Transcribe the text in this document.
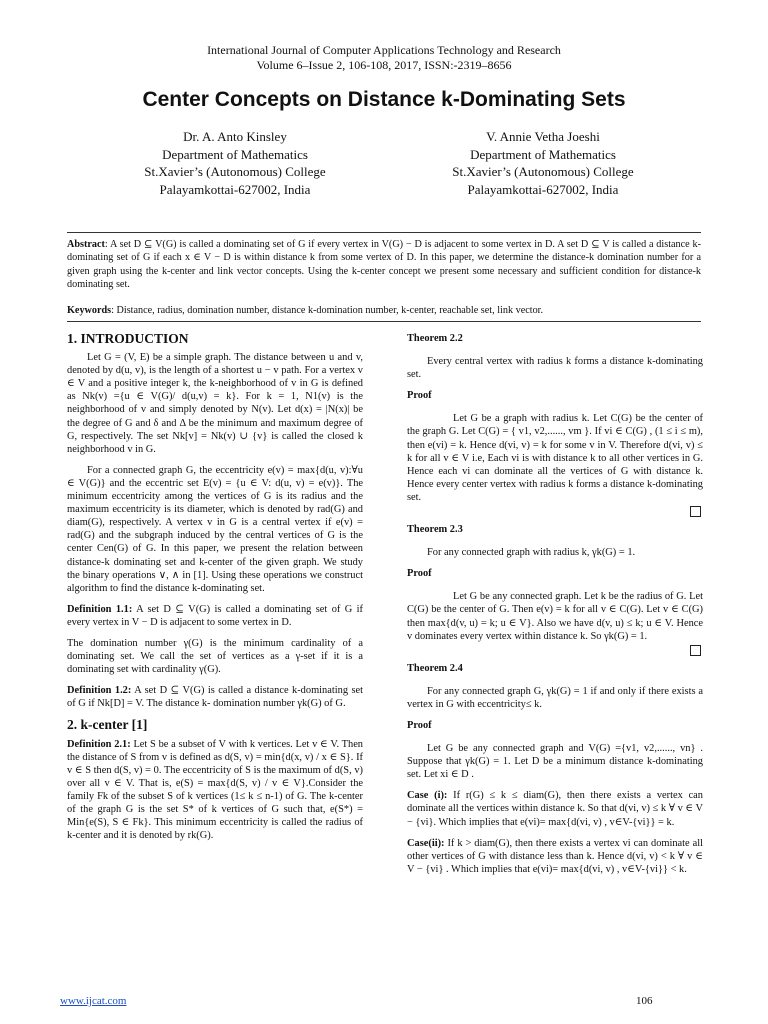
International Journal of Computer Applications Technology and Research
Volume 6–Issue 2, 106-108, 2017, ISSN:-2319–8656
Center Concepts on Distance k-Dominating Sets
Dr. A. Anto Kinsley
Department of Mathematics
St.Xavier’s (Autonomous) College
Palayamkottai-627002, India
V. Annie Vetha Joeshi
Department of Mathematics
St.Xavier’s (Autonomous) College
Palayamkottai-627002, India
Abstract: A set D ⊆ V(G) is called a dominating set of G if every vertex in V(G) − D is adjacent to some vertex in D. A set D ⊆ V is called a distance k-dominating set of G if each x ∈ V − D is within distance k from some vertex of D. In this paper, we determine the distance-k domination number for a given graph using the k-center and link vector concepts. Using the k-center concept we present some necessary and sufficient condition for distance-k dominating set.
Keywords: Distance, radius, domination number, distance k-domination number, k-center, reachable set, link vector.
1. INTRODUCTION

Let G = (V, E) be a simple graph. The distance between u and v, denoted by d(u, v), is the length of a shortest u − v path. For a vertex v ∈ V and a positive integer k, the k-neighborhood of v in G is defined as Nk(v) ={u ∈ V(G)/ d(u,v) = k}. For k = 1, N1(v) is the neighborhood of v and simply denoted by N(v). Let d(x) = |N(x)| be the degree of G and δ and Δ be the minimum and maximum degree of G, respectively. The set Nk[v] = Nk(v) ∪ {v} is called the closed k neighborhood v in G.

For a connected graph G, the eccentricity e(v) = max{d(u, v):∀u ∈ V(G)} and the eccentric set E(v) = {u ∈ V: d(u, v) = e(v)}. The minimum eccentricity among the vertices of G is its radius and the maximum eccentricity is its diameter, which is denoted by rad(G) and diam(G), respectively. A vertex v in G is a central vertex if e(v) = rad(G) and the subgraph induced by the central vertices of G is the center Cen(G) of G. In this paper, we present the relation between distance-k dominating set and k-center of the given graph. We study the binary operations ∨, ∧ in [1]. Using these operations we construct algorithm to find the distance k-dominating set.

Definition 1.1: A set D ⊆ V(G) is called a dominating set of G if every vertex in V − D is adjacent to some vertex in D.

The domination number γ(G) is the minimum cardinality of a dominating set. We call the set of vertices as a γ-set if it is a dominating set with cardinality γ(G).

Definition 1.2: A set D ⊆ V(G) is called a distance k-dominating set of G if Nk[D] = V. The distance k- domination number γk(G) of G.

2. k-center [1]

Definition 2.1: Let S be a subset of V with k vertices. Let v ∈ V. Then the distance of S from v is defined as d(S, v) = min{d(x, v) / x ∈ S}. If v ∈ S then d(S, v) = 0. The eccentricity of S is the maximum of d(S, v) over all v ∈ V. That is, e(S) = max{d(S, v) / v ∈ V}.Consider the family Fk of the subset S of k vertices (1≤ k ≤ n-1) of G. The k-center of the graph G is the set S* of k vertices of G such that, e(S*) = Min{e(S), S ∈ Fk}. This minimum eccentricity is called the radius of k-center and it is denoted by rk(G).

Theorem 2.2

Every central vertex with radius k forms a distance k-dominating set.

Proof

Let G be a graph with radius k. Let C(G) be the center of the graph G. Let C(G) = { v1, v2,......, vm }. If vi ∈ C(G) , (1 ≤ i ≤ m), then e(vi) = k. Hence d(vi, v) = k for some v in V. Therefore d(vi, v) ≤ k for all v ∈ V i.e, Each vi is with distance k to all other vertices in G. Hence each vi can dominate all the vertices of G with distance k. Hence every center vertex with radius k forms a distance k-dominating set.

Theorem 2.3

For any connected graph with radius k, γk(G) = 1.

Proof

Let G be any connected graph. Let k be the radius of G. Let C(G) be the center of G. Then e(v) = k for all v ∈ C(G). Let v ∈ C(G) then max{d(v, u) = k; u ∈ V}. Also we have d(v, u) ≤ k; u ∈ V. Hence v dominates every vertex within distance k. So γk(G) = 1.

Theorem 2.4

For any connected graph G, γk(G) = 1 if and only if there exists a vertex in G with eccentricity≤ k.

Proof

Let G be any connected graph and V(G) ={v1, v2,......, vn} . Suppose that γk(G) = 1. Let D be a minimum distance k-dominating set. Let xi ∈ D .

Case (i): If r(G) ≤ k ≤ diam(G), then there exists a vertex can dominate all the vertices within distance k. So that d(vi, v) ≤ k ∀ v ∈ V − {vi}. Which implies that e(vi)= max{d(vi, v) , v∈V-{vi}} = k.

Case(ii): If k > diam(G), then there exists a vertex vi can dominate all other vertices of G with distance less than k. Hence d(vi, v) < k ∀ v ∈ V − {vi} . Which implies that e(vi)= max{d(vi, v) , v∈V-{vi}} < k.

www.ijcat.com	106
